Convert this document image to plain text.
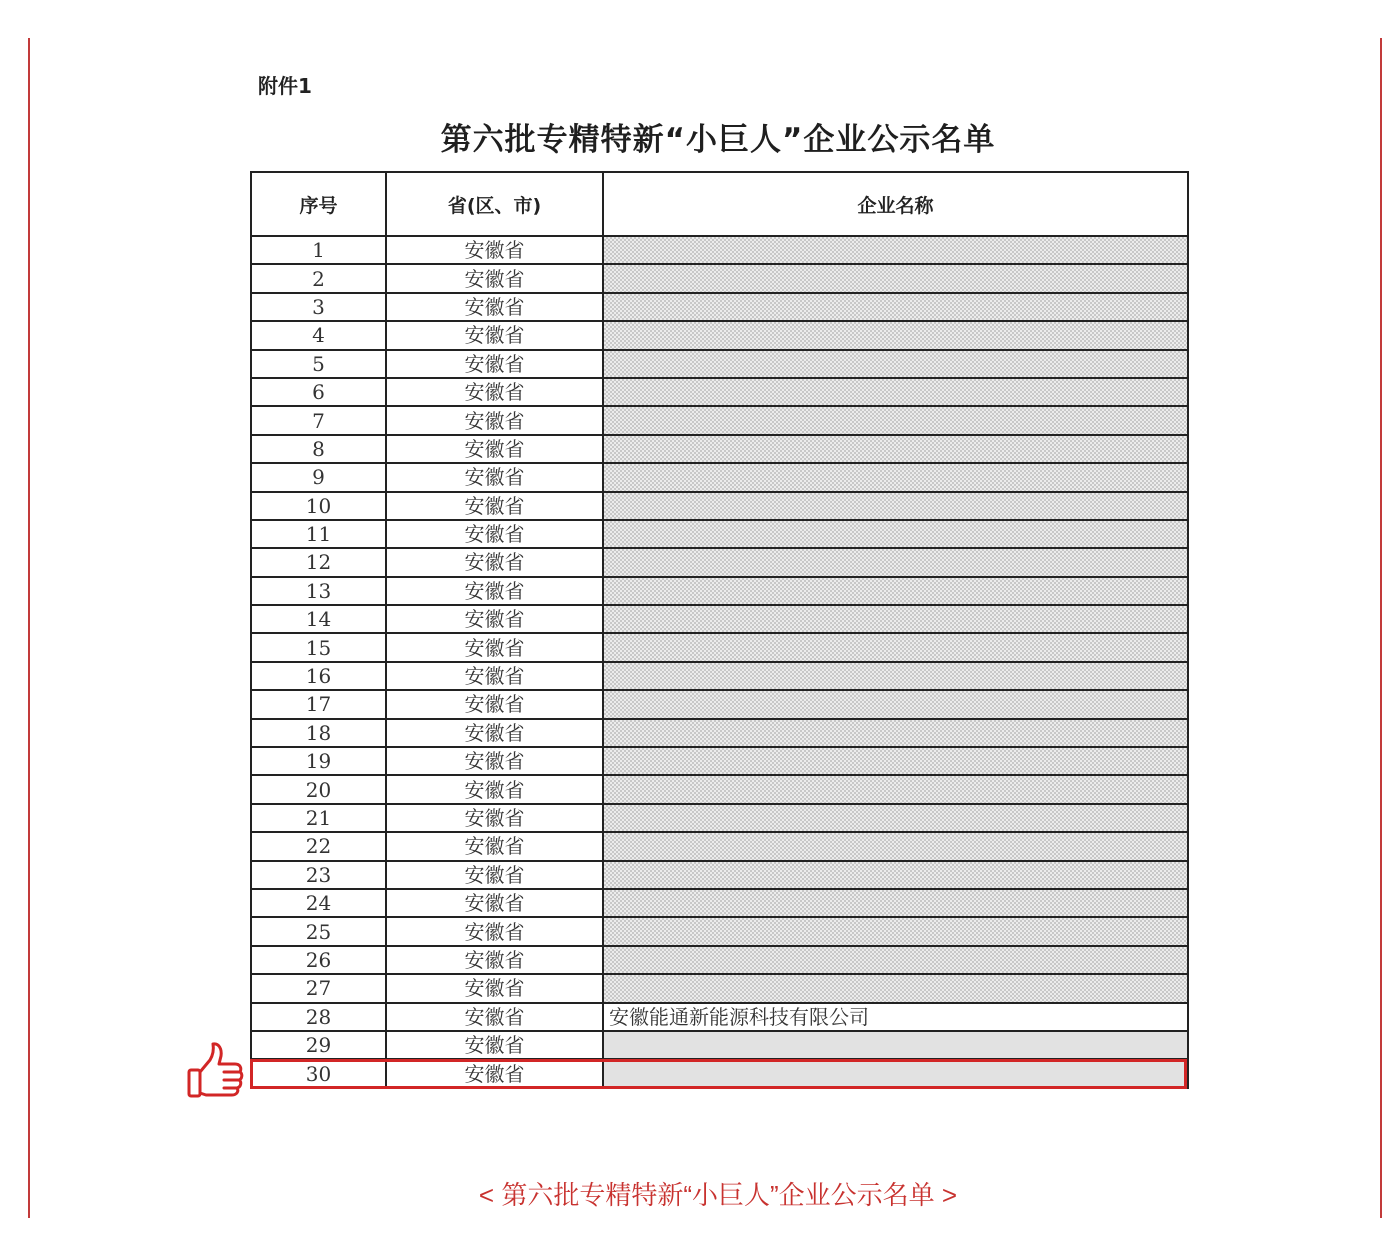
附件1
第六批专精特新“小巨人”企业公示名单
序号	省(区、市)	企业名称
1	安徽省	
2	安徽省	
3	安徽省	
4	安徽省	
5	安徽省	
6	安徽省	
7	安徽省	
8	安徽省	
9	安徽省	
10	安徽省	
11	安徽省	
12	安徽省	
13	安徽省	
14	安徽省	
15	安徽省	
16	安徽省	
17	安徽省	
18	安徽省	
19	安徽省	
20	安徽省	
21	安徽省	
22	安徽省	
23	安徽省	
24	安徽省	
25	安徽省	
26	安徽省	
27	安徽省	
28	安徽省	安徽能通新能源科技有限公司
29	安徽省	
30	安徽省	
< 第六批专精特新“小巨人”企业公示名单 >
